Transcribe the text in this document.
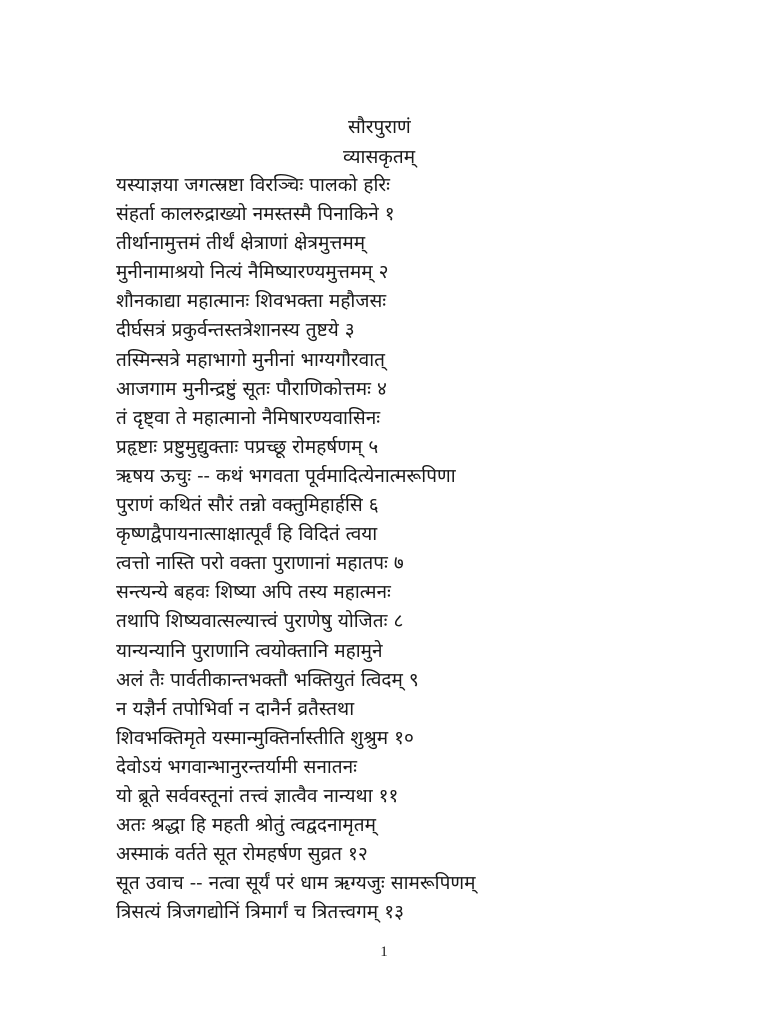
सौरपुराणं
व्यासकृतम्
यस्याज्ञया जगत्स्रष्टा विरञ्चिः पालको हरिः
संहर्ता कालरुद्राख्यो नमस्तस्मै पिनाकिने १
तीर्थानामुत्तमं तीर्थं क्षेत्राणां क्षेत्रमुत्तमम्
मुनीनामाश्रयो नित्यं नैमिष्यारण्यमुत्तमम् २
शौनकाद्या महात्मानः शिवभक्ता महौजसः
दीर्घसत्रं प्रकुर्वन्तस्तत्रेशानस्य तुष्टये ३
तस्मिन्सत्रे महाभागो मुनीनां भाग्यगौरवात्
आजगाम मुनीन्द्रष्टुं सूतः पौराणिकोत्तमः ४
तं दृष्ट्वा ते महात्मानो नैमिषारण्यवासिनः
प्रहृष्टाः प्रष्टुमुद्युक्ताः पप्रच्छू रोमहर्षणम् ५
ऋषय ऊचुः -- कथं भगवता पूर्वमादित्येनात्मरूपिणा
पुराणं कथितं सौरं तन्नो वक्तुमिहार्हसि ६
कृष्णद्वैपायनात्साक्षात्पूर्वं हि विदितं त्वया
त्वत्तो नास्ति परो वक्ता पुराणानां महातपः ७
सन्त्यन्ये बहवः शिष्या अपि तस्य महात्मनः
तथापि शिष्यवात्सल्यात्त्वं पुराणेषु योजितः ८
यान्यन्यानि पुराणानि त्वयोक्तानि महामुने
अलं तैः पार्वतीकान्तभक्तौ भक्तियुतं त्विदम् ९
न यज्ञैर्न तपोभिर्वा न दानैर्न व्रतैस्तथा
शिवभक्तिमृते यस्मान्मुक्तिर्नास्तीति शुश्रुम १०
देवोऽयं भगवान्भानुरन्तर्यामी सनातनः
यो ब्रूते सर्ववस्तूनां तत्त्वं ज्ञात्वैव नान्यथा ११
अतः श्रद्धा हि महती श्रोतुं त्वद्वदनामृतम्
अस्माकं वर्तते सूत रोमहर्षण सुव्रत १२
सूत उवाच -- नत्वा सूर्यं परं धाम ऋग्यजुः सामरूपिणम्
त्रिसत्यं त्रिजगद्योनिं त्रिमार्गं च त्रितत्त्वगम् १३
1
